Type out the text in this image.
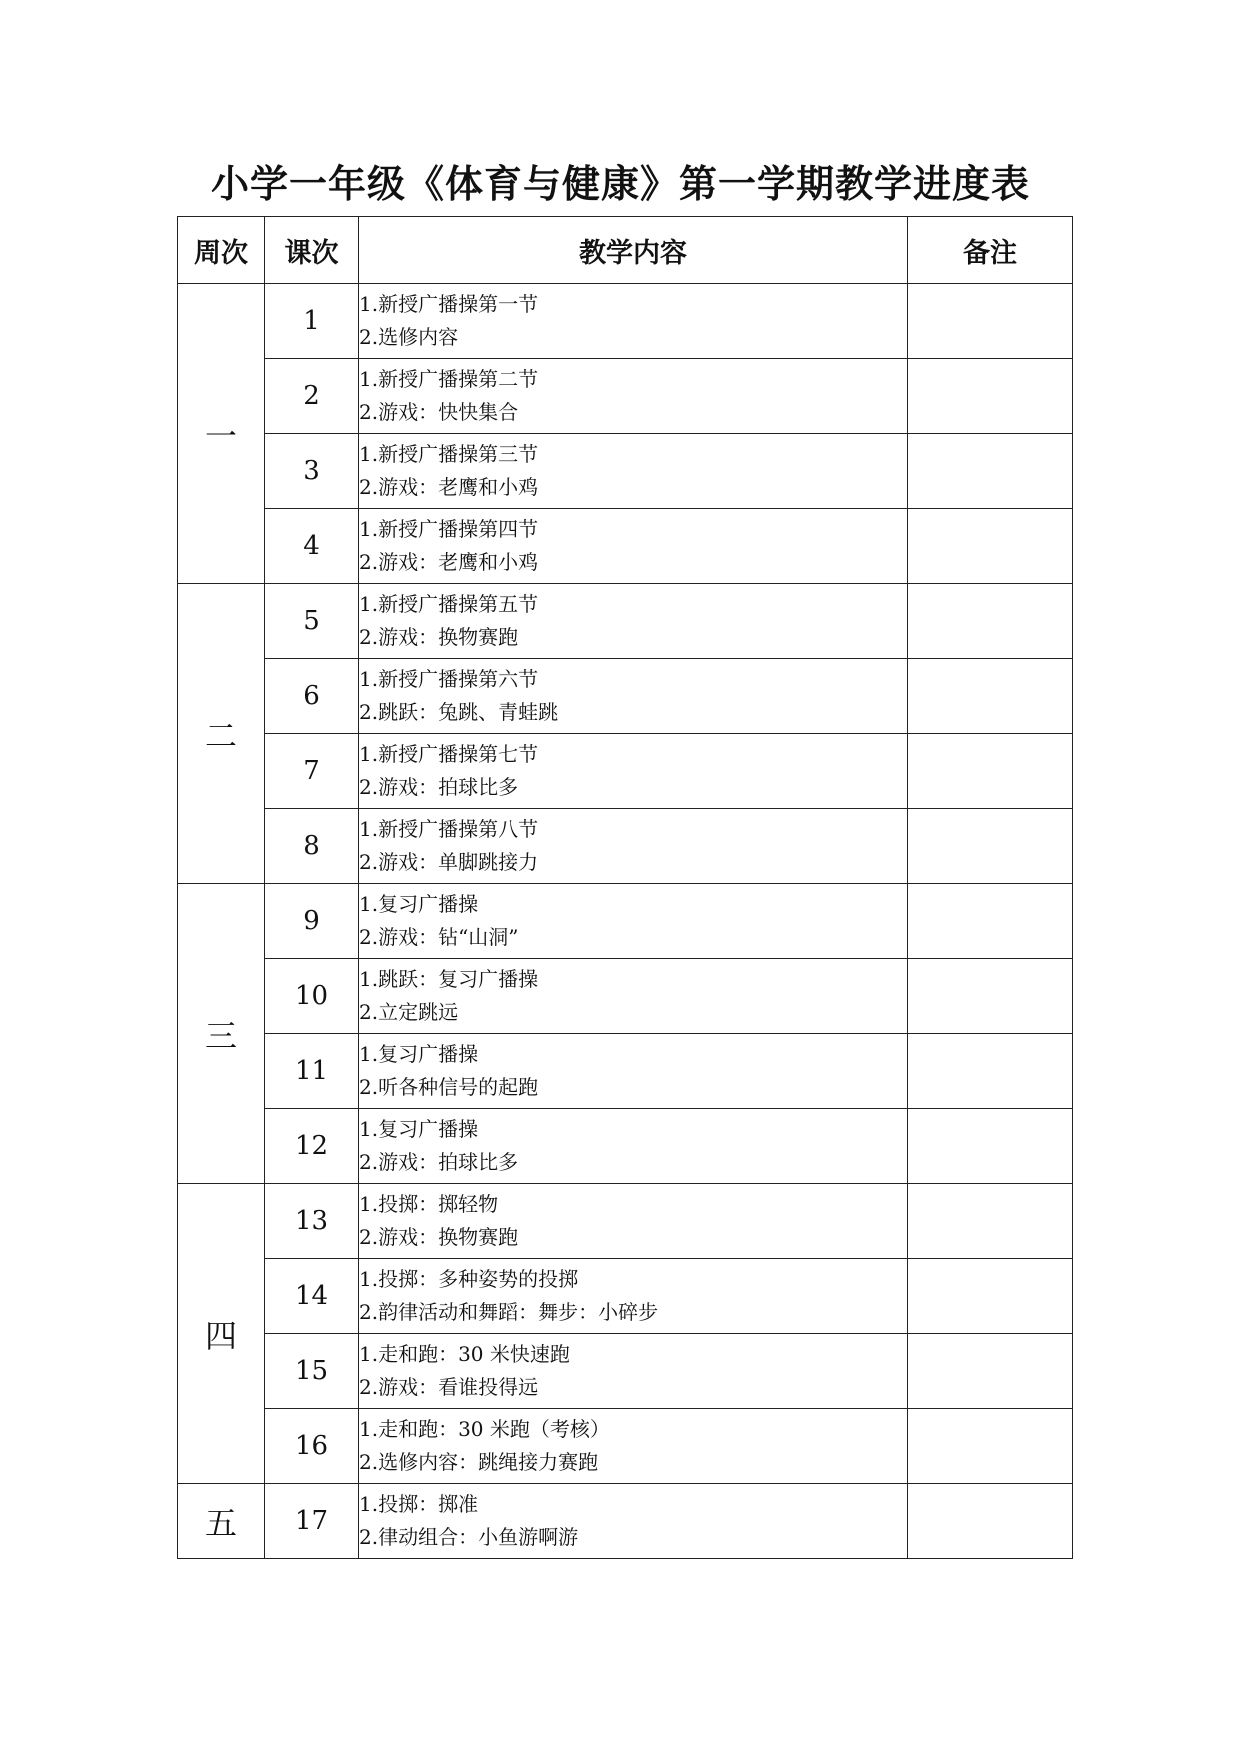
小学一年级《体育与健康》第一学期教学进度表
周次	课次	教学内容	备注
一	1	1.新授广播操第一节
2.选修内容	

	2	1.新授广播操第二节
2.游戏：快快集合	

	3	1.新授广播操第三节
2.游戏：老鹰和小鸡	

	4	1.新授广播操第四节
2.游戏：老鹰和小鸡	

二	5	1.新授广播操第五节
2.游戏：换物赛跑	

	6	1.新授广播操第六节
2.跳跃：兔跳、青蛙跳	

	7	1.新授广播操第七节
2.游戏：拍球比多	

	8	1.新授广播操第八节
2.游戏：单脚跳接力	

三	9	1.复习广播操
2.游戏：钻“山洞”	

	10	1.跳跃：复习广播操
2.立定跳远	

	11	1.复习广播操
2.听各种信号的起跑	

	12	1.复习广播操
2.游戏：拍球比多	

四	13	1.投掷：掷轻物
2.游戏：换物赛跑	

	14	1.投掷：多种姿势的投掷
2.韵律活动和舞蹈：舞步：小碎步	

	15	1.走和跑：30 米快速跑
2.游戏：看谁投得远	

	16	1.走和跑：30 米跑（考核）
2.选修内容：跳绳接力赛跑	

五	17	1.投掷：掷准
2.律动组合：小鱼游啊游	
